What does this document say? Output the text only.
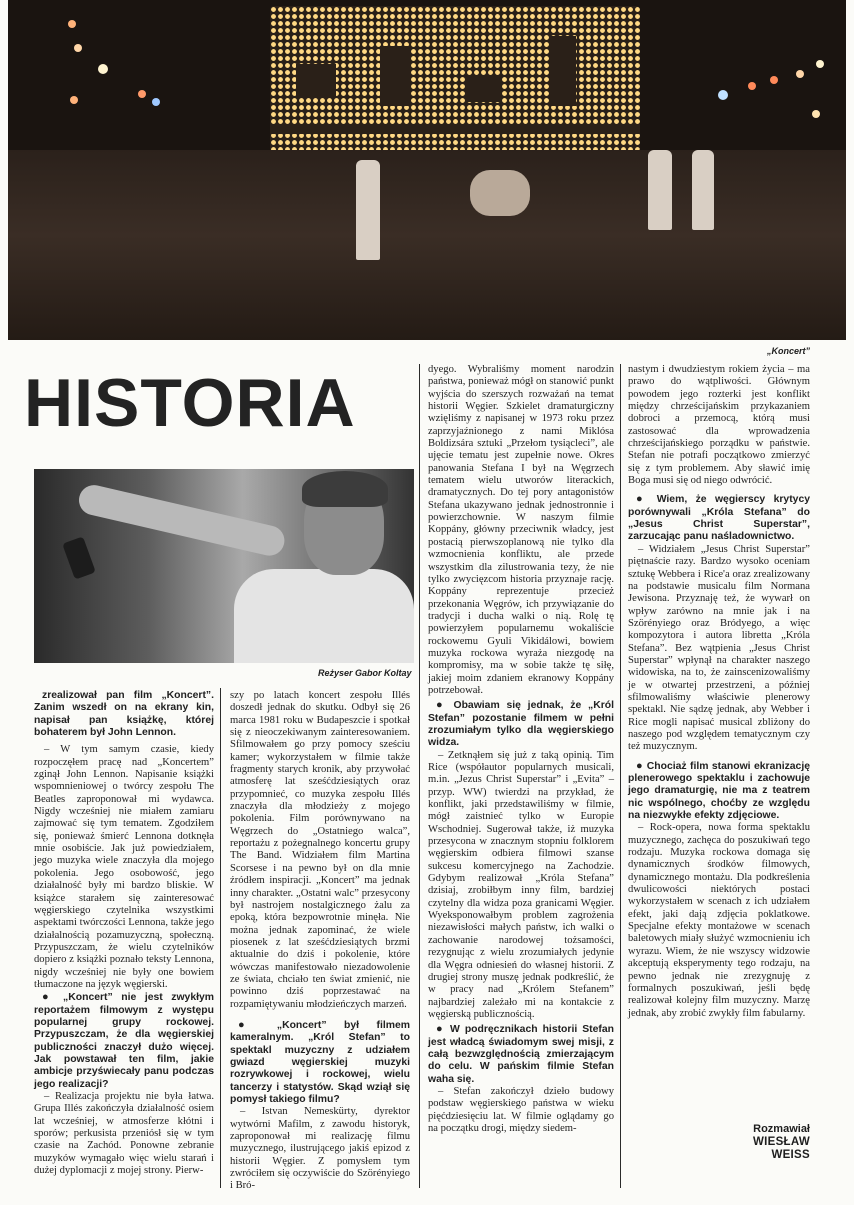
„Koncert”
HISTORIA
Reżyser Gabor Koltay

zrealizował pan film „Koncert”. Zanim wszedł on na ekrany kin, napisał pan książkę, której bohaterem był John Lennon.

– W tym samym czasie, kiedy rozpoczęłem pracę nad „Koncertem” zginął John Lennon. Napisanie książki wspomnieniowej o twórcy zespołu The Beatles zaproponował mi wydawca. Nigdy wcześniej nie miałem zamiaru zajmować się tym tematem. Zgodziłem się, ponieważ śmierć Lennona dotknęła mnie osobiście. Jak już powiedziałem, jego muzyka wiele znaczyła dla mojego pokolenia. Jego osobowość, jego działalność były mi bardzo bliskie. W książce starałem się zainteresować węgierskiego czytelnika wszystkimi aspektami twórczości Lennona, także jego działalnością pozamuzyczną, społeczną. Przypuszczam, że wielu czytelników dopiero z książki poznało teksty Lennona, nigdy wcześniej nie były one bowiem tłumaczone na język węgierski.

● „Koncert” nie jest zwykłym reportażem filmowym z występu popularnej grupy rockowej. Przypuszczam, że dla węgierskiej publiczności znaczył dużo więcej. Jak powstawał ten film, jakie ambicje przyświecały panu podczas jego realizacji?

– Realizacja projektu nie była łatwa. Grupa Illés zakończyła działalność osiem lat wcześniej, w atmosferze kłótni i sporów; perkusista przeniósł się w tym czasie na Zachód. Ponowne zebranie muzyków wymagało więc wielu starań i dużej dyplomacji z mojej strony. Pierw-

szy po latach koncert zespołu Illés doszedł jednak do skutku. Odbył się 26 marca 1981 roku w Budapeszcie i spotkał się z nieoczekiwanym zainteresowaniem. Sfilmowałem go przy pomocy sześciu kamer; wykorzystałem w filmie także fragmenty starych kronik, aby przywołać atmosferę lat sześćdziesiątych oraz przypomnieć, co muzyka zespołu Illés znaczyła dla młodzieży z mojego pokolenia. Film porównywano na Węgrzech do „Ostatniego walca”, reportażu z pożegnalnego koncertu grupy The Band. Widziałem film Martina Scorsese i na pewno był on dla mnie źródłem inspiracji. „Koncert” ma jednak inny charakter. „Ostatni walc” przesycony był nastrojem nostalgicznego żalu za epoką, która bezpowrotnie minęła. Nie można jednak zapominać, że wiele piosenek z lat sześćdziesiątych brzmi aktualnie do dziś i pokolenie, które wówczas manifestowało niezadowolenie ze świata, chciało ten świat zmienić, nie powinno dziś poprzestawać na rozpamiętywaniu młodzieńczych marzeń.

● „Koncert” był filmem kameralnym. „Król Stefan” to spektakl muzyczny z udziałem gwiazd węgierskiej muzyki rozrywkowej i rockowej, wielu tancerzy i statystów. Skąd wziął się pomysł takiego filmu?

– Istvan Nemeskürty, dyrektor wytwórni Mafilm, z zawodu historyk, zaproponował mi realizację filmu muzycznego, ilustrującego jakiś epizod z historii Węgier. Z pomysłem tym zwróciłem się oczywiście do Szörényiego i Bró-

dyego. Wybraliśmy moment narodzin państwa, ponieważ mógł on stanowić punkt wyjścia do szerszych rozważań na temat historii Węgier. Szkielet dramaturgiczny wzięliśmy z napisanej w 1973 roku przez zaprzyjaźnionego z nami Miklósa Boldizsára sztuki „Przełom tysiącleci”, ale ujęcie tematu jest zupełnie nowe. Okres panowania Stefana I był na Węgrzech tematem wielu utworów literackich, dramatycznych. Do tej pory antagonistów Stefana ukazywano jednak jednostronnie i powierzchownie. W naszym filmie Koppány, główny przeciwnik władcy, jest postacią pierwszoplanową nie tylko dla wzmocnienia konfliktu, ale przede wszystkim dla zilustrowania tezy, że nie tylko zwycięzcom historia przyznaje rację. Koppány reprezentuje przecież przekonania Węgrów, ich przywiązanie do tradycji i ducha walki o nią. Rolę tę powierzyłem popularnemu wokaliście rockowemu Gyuli Vikidálowi, bowiem muzyka rockowa wyraża niezgodę na kompromisy, ma w sobie także tę siłę, jakiej moim zdaniem ekranowy Koppány potrzebował.

● Obawiam się jednak, że „Król Stefan” pozostanie filmem w pełni zrozumiałym tylko dla węgierskiego widza.

– Zetknąłem się już z taką opinią. Tim Rice (współautor popularnych musicali, m.in. „Jezus Christ Superstar” i „Evita” – przyp. WW) twierdzi na przykład, że konflikt, jaki przedstawiliśmy w filmie, mógł zaistnieć tylko w Europie Wschodniej. Sugerował także, iż muzyka przesycona w znacznym stopniu folklorem węgierskim odbiera filmowi szanse sukcesu komercyjnego na Zachodzie. Gdybym realizował „Króla Stefana” dzisiaj, zrobiłbym inny film, bardziej czytelny dla widza poza granicami Węgier. Wyeksponowałbym problem zagrożenia niezawisłości małych państw, ich walki o zachowanie narodowej tożsamości, rezygnując z wielu zrozumiałych jedynie dla Węgra odniesień do własnej historii. Z drugiej strony muszę jednak podkreślić, że w pracy nad „Królem Stefanem” najbardziej zależało mi na kontakcie z węgierską publicznością.

● W podręcznikach historii Stefan jest władcą świadomym swej misji, z całą bezwzględnością zmierzającym do celu. W pańskim filmie Stefan waha się.

– Stefan zakończył dzieło budowy podstaw węgierskiego państwa w wieku pięćdziesięciu lat. W filmie oglądamy go na początku drogi, między siedem-

nastym i dwudziestym rokiem życia – ma prawo do wątpliwości. Głównym powodem jego rozterki jest konflikt między chrześcijańskim przykazaniem dobroci a przemocą, którą musi zastosować dla wprowadzenia chrześcijańskiego porządku w państwie. Stefan nie potrafi początkowo zmierzyć się z tym problemem. Aby sławić imię Boga musi się od niego odwrócić.

● Wiem, że węgierscy krytycy porównywali „Króla Stefana” do „Jesus Christ Superstar”, zarzucając panu naśladownictwo.

– Widziałem „Jesus Christ Superstar” piętnaście razy. Bardzo wysoko oceniam sztukę Webbera i Rice'a oraz zrealizowany na podstawie musicalu film Normana Jewisona. Przyznaję też, że wywarł on wpływ zarówno na mnie jak i na Szörényiego oraz Bródyego, a więc kompozytora i autora libretta „Króla Stefana”. Bez wątpienia „Jesus Christ Superstar” wpłynął na charakter naszego widowiska, na to, że zainscenizowaliśmy je w otwartej przestrzeni, a później sfilmowaliśmy właściwie plenerowy spektakl. Nie sądzę jednak, aby Webber i Rice mogli napisać musical zbliżony do naszego pod względem tematycznym czy też muzycznym.

● Chociaż film stanowi ekranizację plenerowego spektaklu i zachowuje jego dramaturgię, nie ma z teatrem nic wspólnego, choćby ze względu na niezwykłe efekty zdjęciowe.

– Rock-opera, nowa forma spektaklu muzycznego, zachęca do poszukiwań tego rodzaju. Muzyka rockowa domaga się dynamicznych środków filmowych, dynamicznego montażu. Dla podkreślenia dwulicowości niektórych postaci wykorzystałem w scenach z ich udziałem efekt, jaki dają zdjęcia poklatkowe. Specjalne efekty montażowe w scenach baletowych miały służyć wzmocnieniu ich wyrazu. Wiem, że nie wszyscy widzowie akceptują eksperymenty tego rodzaju, na pewno jednak nie zrezygnuję z formalnych poszukiwań, jeśli będę realizował kolejny film muzyczny. Marzę jednak, aby zrobić zwykły film fabularny.

Rozmawiał
WIESŁAW
WEISS
